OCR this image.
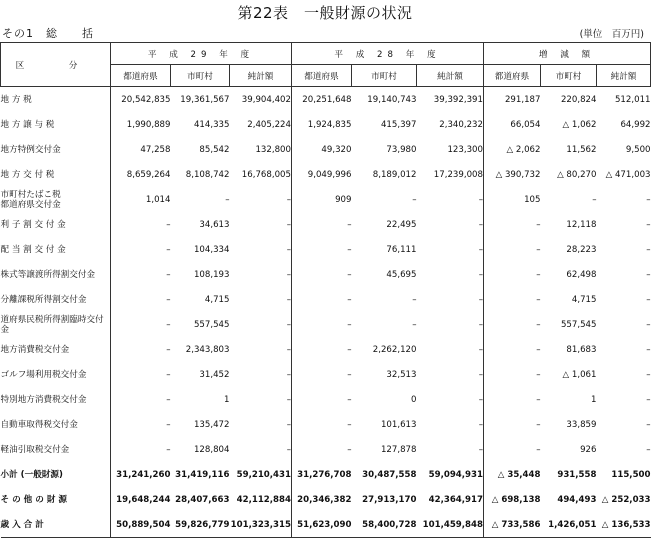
第22表　一般財源の状況
その1　総　　括	(単位　百万円)
区　分	平 成 29 年 度			平 成 28 年 度			増 減 額		
	都道府県	市町村	純計額	都道府県	市町村	純計額	都道府県	市町村	純計額

地 方 税	20,542,835	19,361,567	39,904,402	20,251,648	19,140,743	39,392,391	291,187	220,824	512,011

地 方 譲 与 税	1,990,889	414,335	2,405,224	1,924,835	415,397	2,340,232	66,054	△ 1,062	64,992

地方特例交付金	47,258	85,542	132,800	49,320	73,980	123,300	△ 2,062	11,562	9,500

地 方 交 付 税	8,659,264	8,108,742	16,768,005	9,049,996	8,189,012	17,239,008	△ 390,732	△ 80,270	△ 471,003

市町村たばこ税
都道府県交付金	1,014	–	–	909	–	–	105	–	–

利 子 割 交 付 金	–	34,613	–	–	22,495	–	–	12,118	–

配 当 割 交 付 金	–	104,334	–	–	76,111	–	–	28,223	–

株式等譲渡所得割交付金	–	108,193	–	–	45,695	–	–	62,498	–

分離課税所得割交付金	–	4,715	–	–	–	–	–	4,715	–

道府県民税所得割臨時交付金	–	557,545	–	–	–	–	–	557,545	–

地方消費税交付金	–	2,343,803	–	–	2,262,120	–	–	81,683	–

ゴルフ場利用税交付金	–	31,452	–	–	32,513	–	–	△ 1,061	–

特別地方消費税交付金	–	1	–	–	0	–	–	1	–

自動車取得税交付金	–	135,472	–	–	101,613	–	–	33,859	–

軽油引取税交付金	–	128,804	–	–	127,878	–	–	926	–

小計 (一般財源)	31,241,260	31,419,116	59,210,431	31,276,708	30,487,558	59,094,931	△ 35,448	931,558	115,500

そ の 他 の 財 源	19,648,244	28,407,663	42,112,884	20,346,382	27,913,170	42,364,917	△ 698,138	494,493	△ 252,033

歳 入 合 計	50,889,504	59,826,779	101,323,315	51,623,090	58,400,728	101,459,848	△ 733,586	1,426,051	△ 136,533
